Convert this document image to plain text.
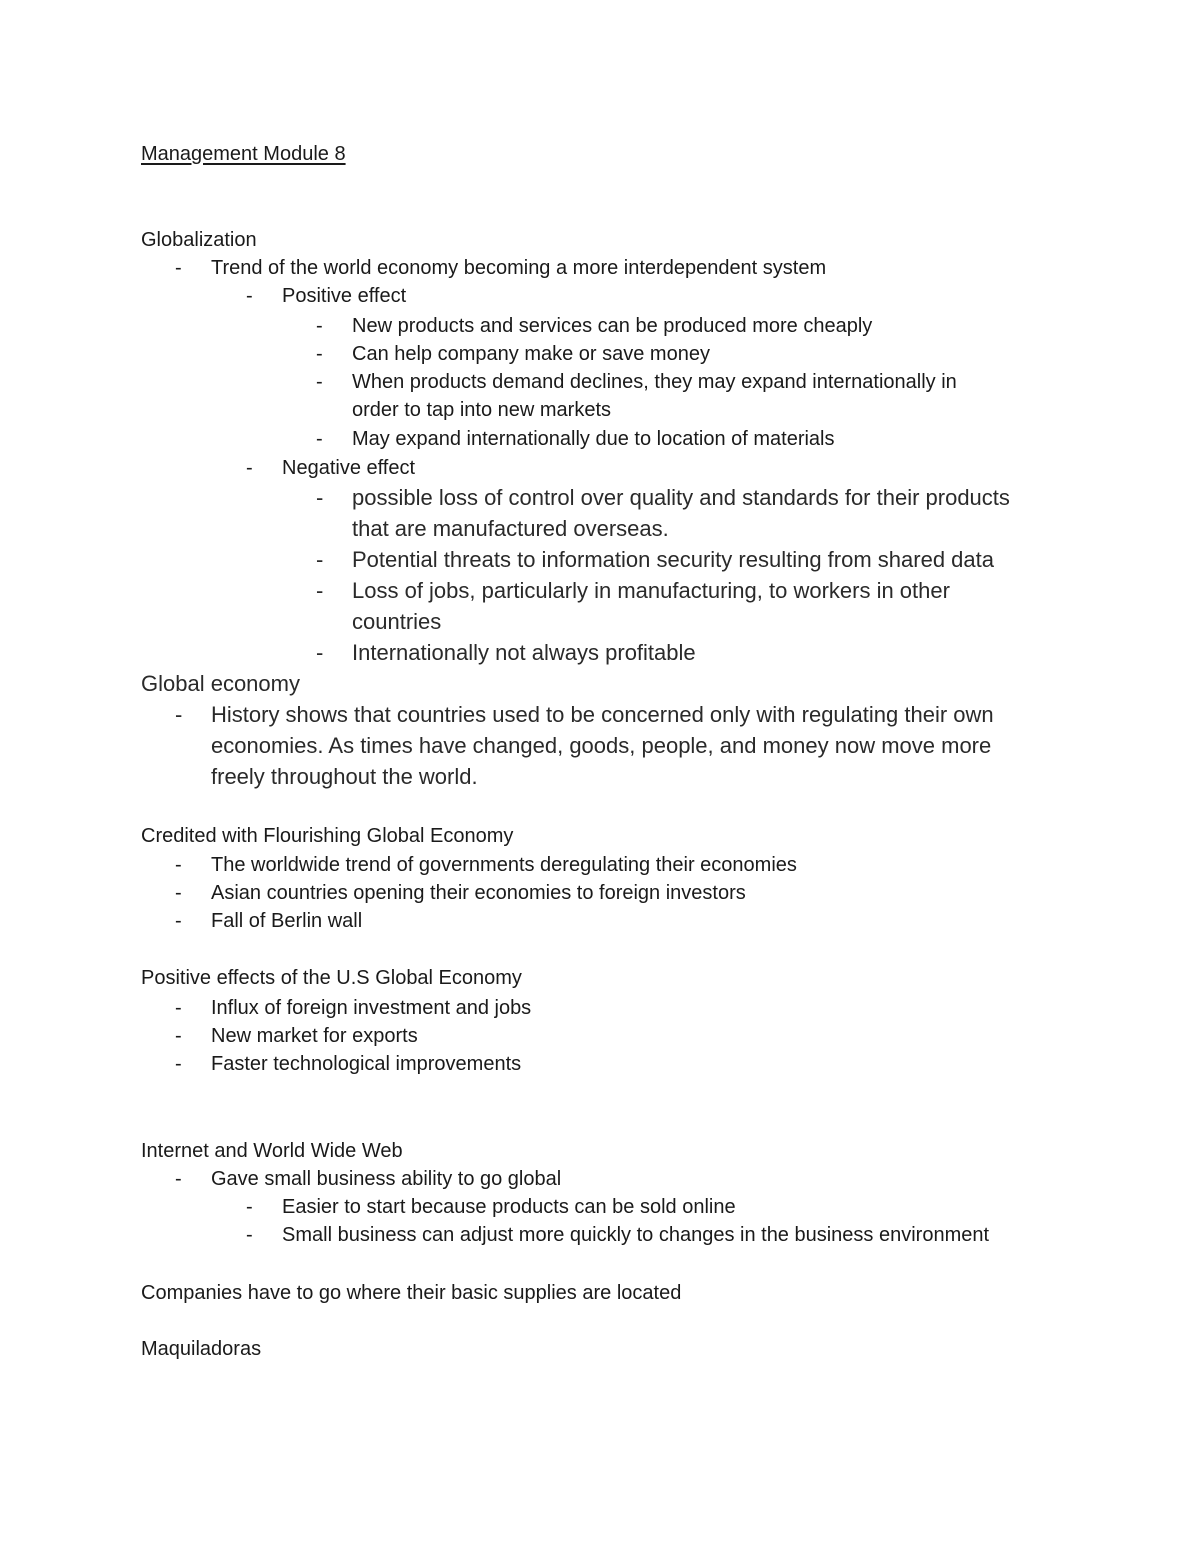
Management Module 8
Globalization
- Trend of the world economy becoming a more interdependent system
- Positive effect
- New products and services can be produced more cheaply
- Can help company make or save money
- When products demand declines, they may expand internationally in
order to tap into new markets
- May expand internationally due to location of materials
- Negative effect
- possible loss of control over quality and standards for their products
that are manufactured overseas.
- Potential threats to information security resulting from shared data
- Loss of jobs, particularly in manufacturing, to workers in other
countries
- Internationally not always profitable
Global economy
- History shows that countries used to be concerned only with regulating their own
economies. As times have changed, goods, people, and money now move more
freely throughout the world.
Credited with Flourishing Global Economy
- The worldwide trend of governments deregulating their economies
- Asian countries opening their economies to foreign investors
- Fall of Berlin wall
Positive effects of the U.S Global Economy
- Influx of foreign investment and jobs
- New market for exports
- Faster technological improvements
Internet and World Wide Web
- Gave small business ability to go global
- Easier to start because products can be sold online
- Small business can adjust more quickly to changes in the business environment
Companies have to go where their basic supplies are located
Maquiladoras
